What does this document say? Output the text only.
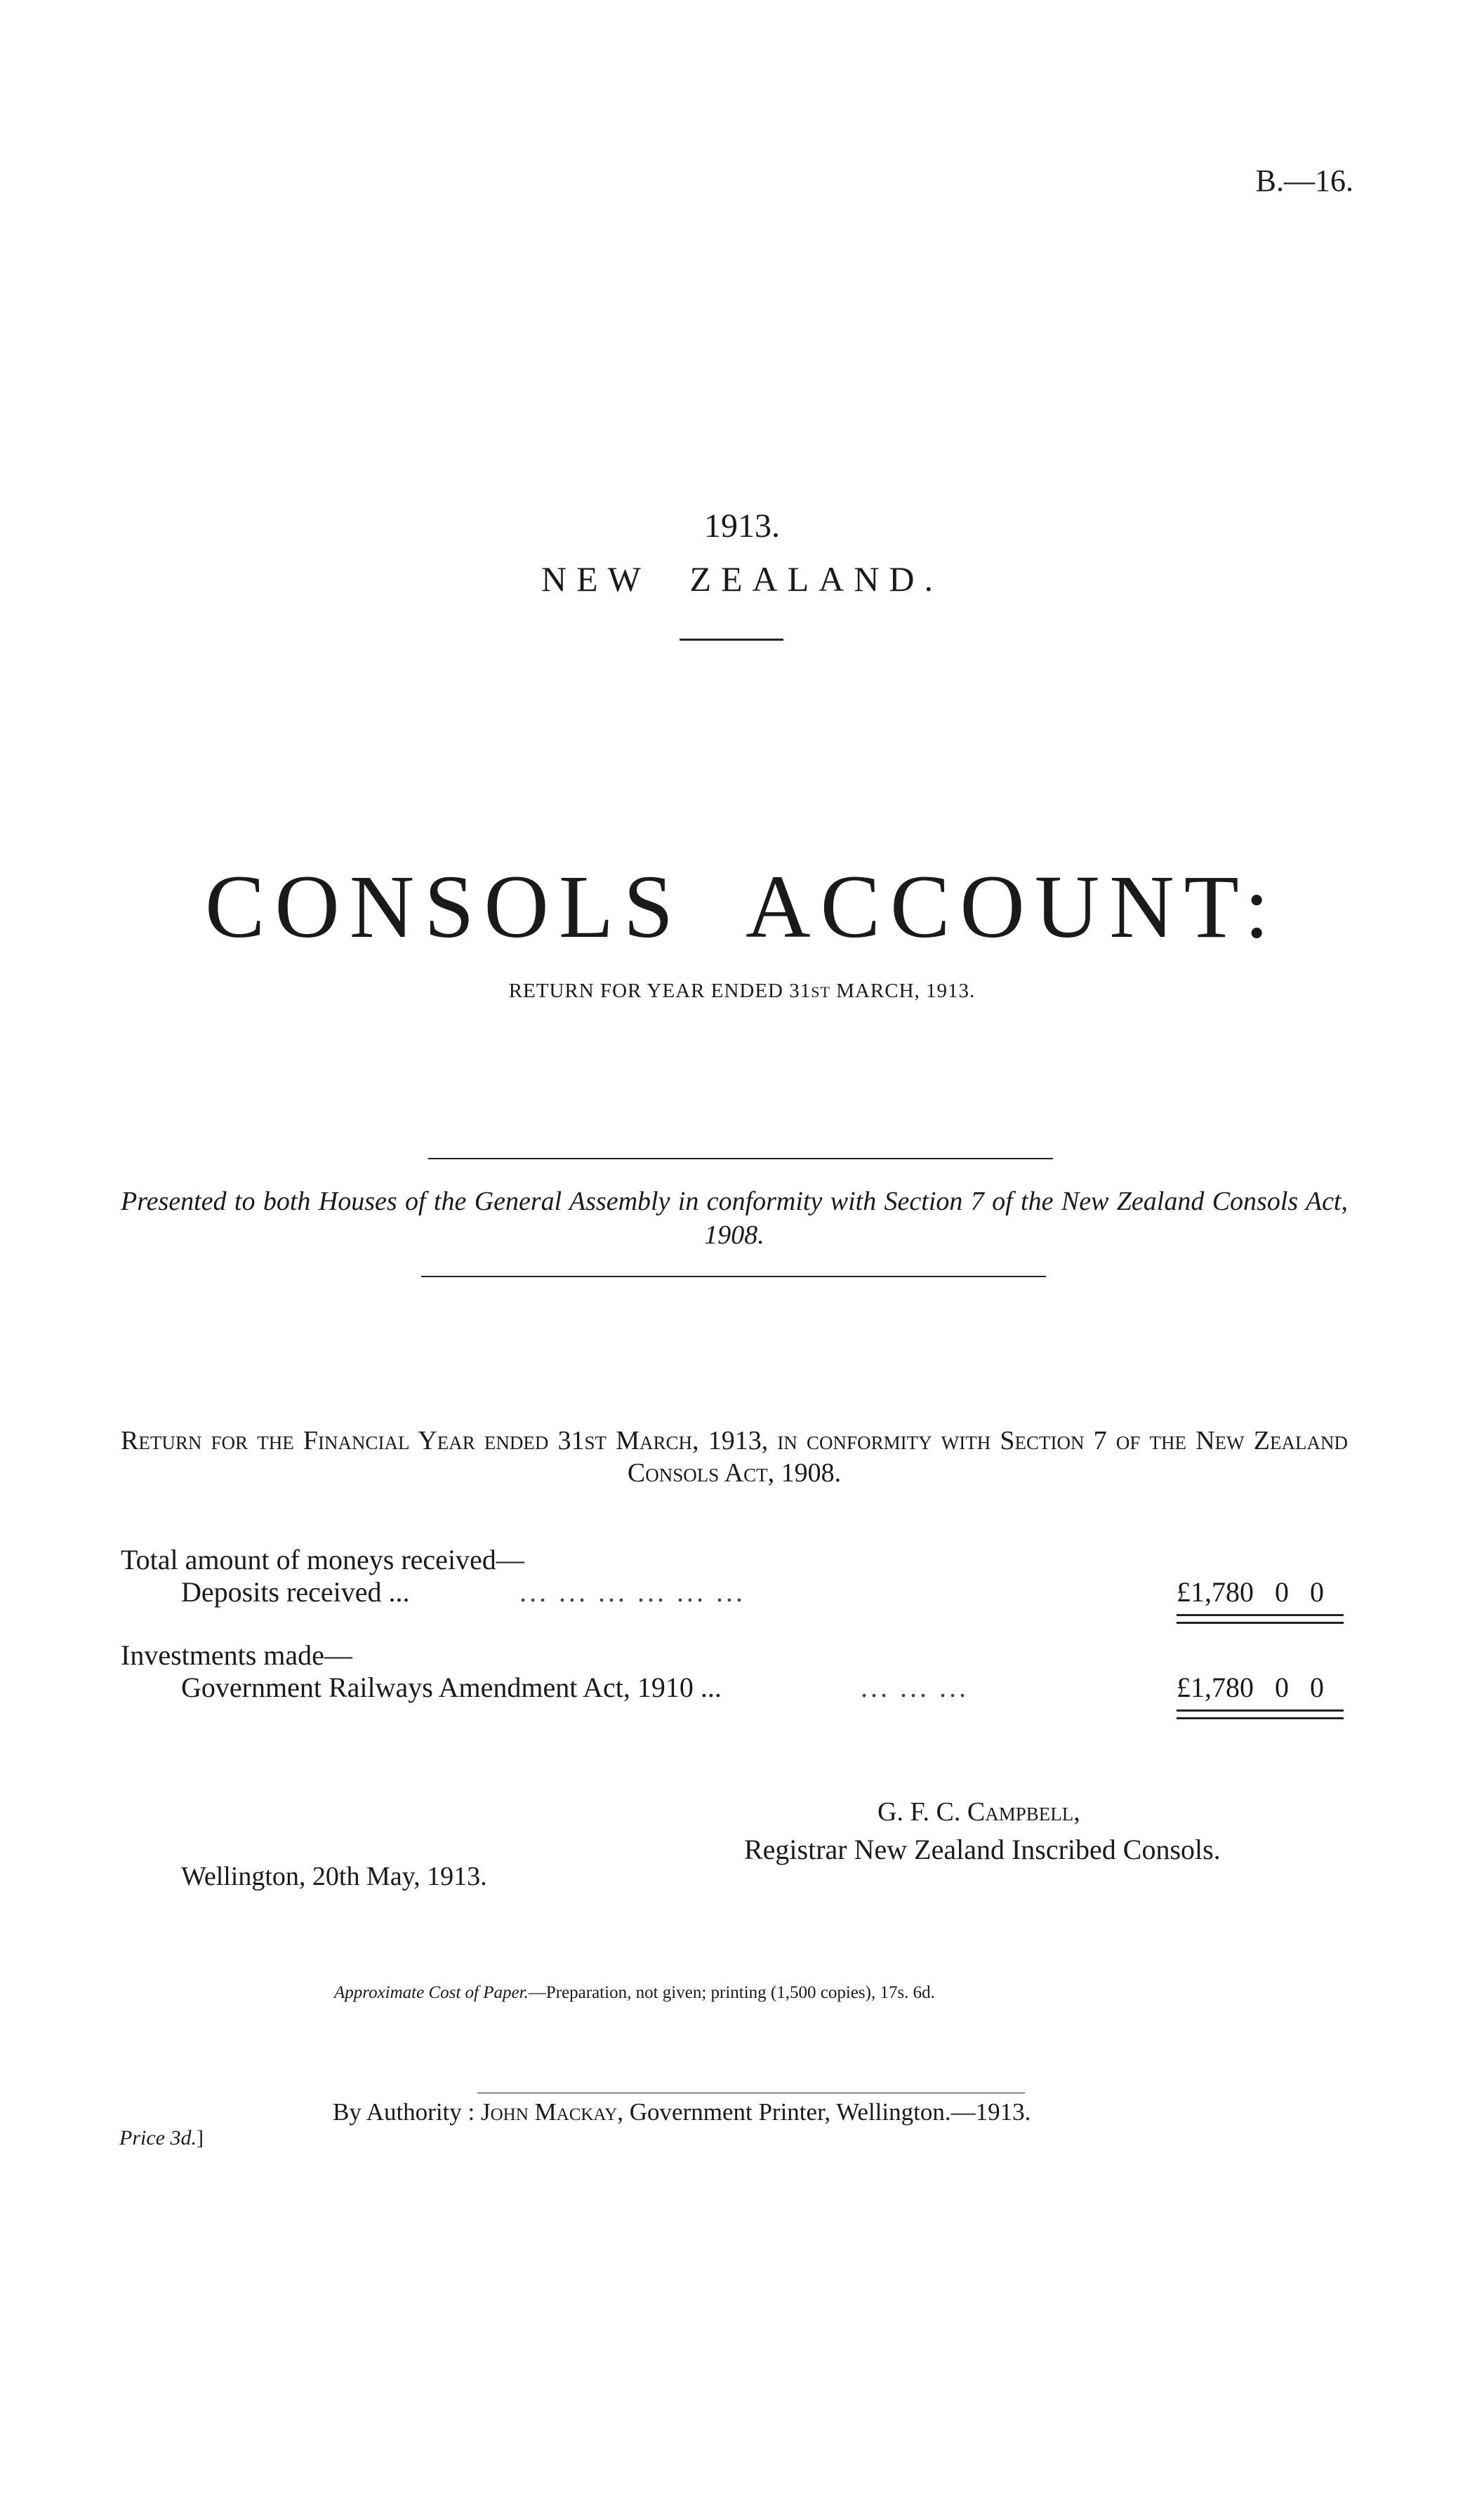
B.—16.
1913.
NEW ZEALAND.
CONSOLS ACCOUNT:
RETURN FOR YEAR ENDED 31ST MARCH, 1913.
Presented to both Houses of the General Assembly in conformity with Section 7 of the New Zealand Consols Act, 1908.
Return for the Financial Year ended 31st March, 1913, in conformity with Section 7 of the New Zealand Consols Act, 1908.
Total amount of moneys received—
Deposits received ...	... ... ... ... ... ...	£1,780   0   0
Investments made—
Government Railways Amendment Act, 1910 ...	... ... ...	£1,780   0   0
G. F. C. Campbell,
Registrar New Zealand Inscribed Consols.
Wellington, 20th May, 1913.
Approximate Cost of Paper.—Preparation, not given; printing (1,500 copies), 17s. 6d.
By Authority : John Mackay, Government Printer, Wellington.—1913.
Price 3d.]
